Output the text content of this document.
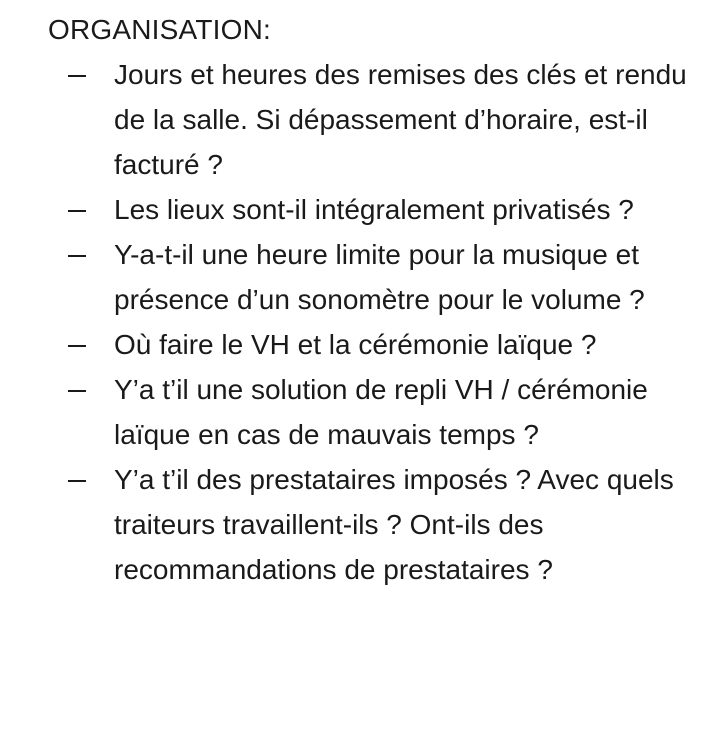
ORGANISATION:
Jours et heures des remises des clés et rendu de la salle. Si dépassement d’horaire, est-il facturé ?
Les lieux sont-il intégralement privatisés ?
Y-a-t-il une heure limite pour la musique et présence d’un sonomètre pour le volume ?
Où faire le VH et la cérémonie laïque ?
Y’a t’il une solution de repli VH / cérémonie laïque en cas de mauvais temps ?
Y’a t’il des prestataires imposés ? Avec quels traiteurs travaillent-ils ? Ont-ils des recommandations de prestataires ?
